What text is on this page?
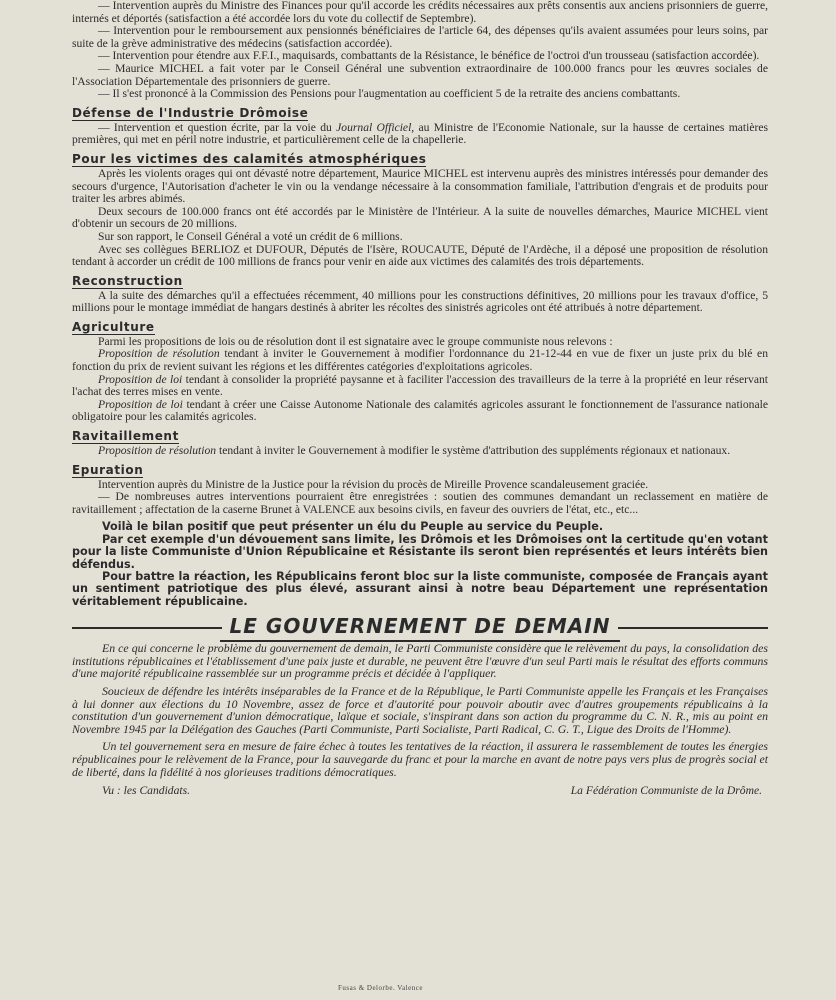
— Intervention auprès du Ministre des Finances pour qu'il accorde les crédits nécessaires aux prêts consentis aux anciens prisonniers de guerre, internés et déportés (satisfaction a été accordée lors du vote du collectif de Septembre).

— Intervention pour le remboursement aux pensionnés bénéficiaires de l'article 64, des dépenses qu'ils avaient assumées pour leurs soins, par suite de la grève administrative des médecins (satisfaction accordée).

— Intervention pour étendre aux F.F.I., maquisards, combattants de la Résistance, le bénéfice de l'octroi d'un trousseau (satisfaction accordée).

— Maurice MICHEL a fait voter par le Conseil Général une subvention extraordinaire de 100.000 francs pour les œuvres sociales de l'Association Départementale des prisonniers de guerre.

— Il s'est prononcé à la Commission des Pensions pour l'augmentation au coefficient 5 de la retraite des anciens combattants.

Défense de l'Industrie Drômoise

— Intervention et question écrite, par la voie du Journal Officiel, au Ministre de l'Economie Nationale, sur la hausse de certaines matières premières, qui met en péril notre industrie, et particulièrement celle de la chapellerie.

Pour les victimes des calamités atmosphériques

Après les violents orages qui ont dévasté notre département, Maurice MICHEL est intervenu auprès des ministres intéressés pour demander des secours d'urgence, l'Autorisation d'acheter le vin ou la vendange nécessaire à la consommation familiale, l'attribution d'engrais et de produits pour traiter les arbres abimés.

Deux secours de 100.000 francs ont été accordés par le Ministère de l'Intérieur. A la suite de nouvelles démarches, Maurice MICHEL vient d'obtenir un secours de 20 millions.

Sur son rapport, le Conseil Général a voté un crédit de 6 millions.

Avec ses collègues BERLIOZ et DUFOUR, Députés de l'Isère, ROUCAUTE, Député de l'Ardèche, il a déposé une proposition de résolution tendant à accorder un crédit de 100 millions de francs pour venir en aide aux victimes des calamités des trois départements.

Reconstruction

A la suite des démarches qu'il a effectuées récemment, 40 millions pour les constructions définitives, 20 millions pour les travaux d'office, 5 millions pour le montage immédiat de hangars destinés à abriter les récoltes des sinistrés agricoles ont été attribués à notre département.

Agriculture

Parmi les propositions de lois ou de résolution dont il est signataire avec le groupe communiste nous relevons :

Proposition de résolution tendant à inviter le Gouvernement à modifier l'ordonnance du 21-12-44 en vue de fixer un juste prix du blé en fonction du prix de revient suivant les régions et les différentes catégories d'exploitations agricoles.

Proposition de loi tendant à consolider la propriété paysanne et à faciliter l'accession des travailleurs de la terre à la propriété en leur réservant l'achat des terres mises en vente.

Proposition de loi tendant à créer une Caisse Autonome Nationale des calamités agricoles assurant le fonctionnement de l'assurance nationale obligatoire pour les calamités agricoles.

Ravitaillement

Proposition de résolution tendant à inviter le Gouvernement à modifier le système d'attribution des suppléments régionaux et nationaux.

Epuration

Intervention auprès du Ministre de la Justice pour la révision du procès de Mireille Provence scandaleusement graciée.

— De nombreuses autres interventions pourraient être enregistrées : soutien des communes demandant un reclassement en matière de ravitaillement ; affectation de la caserne Brunet à VALENCE aux besoins civils, en faveur des ouvriers de l'état, etc., etc...

Voilà le bilan positif que peut présenter un élu du Peuple au service du Peuple.

Par cet exemple d'un dévouement sans limite, les Drômois et les Drômoises ont la certitude qu'en votant pour la liste Communiste d'Union Républicaine et Résistante ils seront bien représentés et leurs intérêts bien défendus.

Pour battre la réaction, les Républicains feront bloc sur la liste communiste, composée de Français ayant un sentiment patriotique des plus élevé, assurant ainsi à notre beau Département une représentation véritablement républicaine.

LE GOUVERNEMENT DE DEMAIN

En ce qui concerne le problème du gouvernement de demain, le Parti Communiste considère que le relèvement du pays, la consolidation des institutions républicaines et l'établissement d'une paix juste et durable, ne peuvent être l'œuvre d'un seul Parti mais le résultat des efforts communs d'une majorité républicaine rassemblée sur un programme précis et décidée à l'appliquer.

Soucieux de défendre les intérêts inséparables de la France et de la République, le Parti Communiste appelle les Français et les Françaises à lui donner aux élections du 10 Novembre, assez de force et d'autorité pour pouvoir aboutir avec d'autres groupements républicains à la constitution d'un gouvernement d'union démocratique, laïque et sociale, s'inspirant dans son action du programme du C. N. R., mis au point en Novembre 1945 par la Délégation des Gauches (Parti Communiste, Parti Socialiste, Parti Radical, C. G. T., Ligue des Droits de l'Homme).

Un tel gouvernement sera en mesure de faire échec à toutes les tentatives de la réaction, il assurera le rassemblement de toutes les énergies républicaines pour le relèvement de la France, pour la sauvegarde du franc et pour la marche en avant de notre pays vers plus de progrès social et de liberté, dans la fidélité à nos glorieuses traditions démocratiques.

Vu : les Candidats.	La Fédération Communiste de la Drôme.
Fusas & Delorbe. Valence
